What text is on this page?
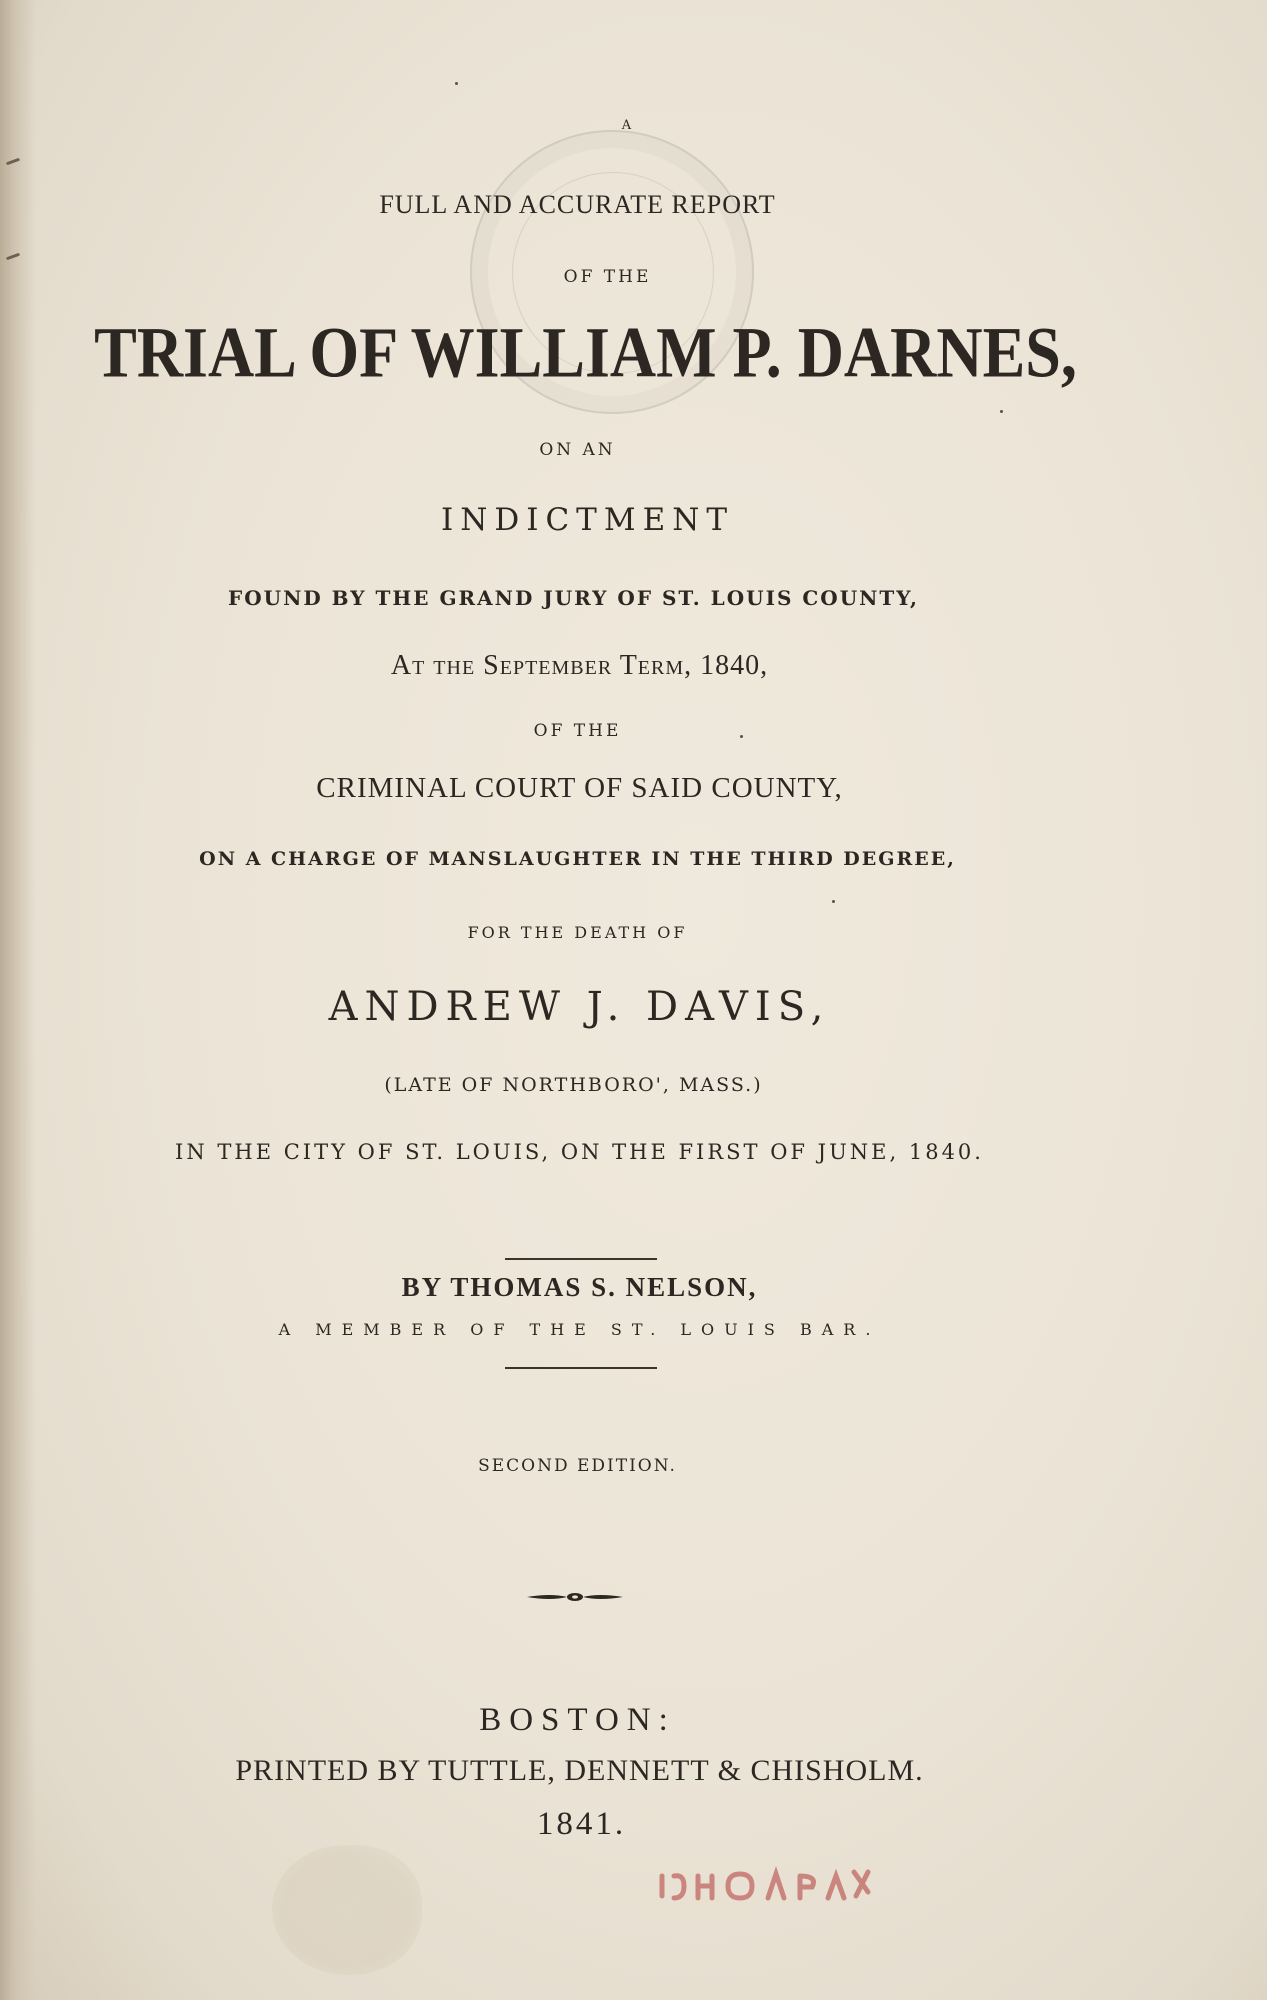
A
FULL AND ACCURATE REPORT
OF THE
TRIAL OF WILLIAM P. DARNES,
ON AN
INDICTMENT
FOUND BY THE GRAND JURY OF ST. LOUIS COUNTY,
At the September Term, 1840,
OF THE
CRIMINAL COURT OF SAID COUNTY,
ON A CHARGE OF MANSLAUGHTER IN THE THIRD DEGREE,
FOR THE DEATH OF
ANDREW J. DAVIS,
(LATE OF NORTHBORO', MASS.)
IN THE CITY OF ST. LOUIS, ON THE FIRST OF JUNE, 1840.
BY THOMAS S. NELSON,
A MEMBER OF THE ST. LOUIS BAR.
SECOND EDITION.
BOSTON:
PRINTED BY TUTTLE, DENNETT & CHISHOLM.
1841.
